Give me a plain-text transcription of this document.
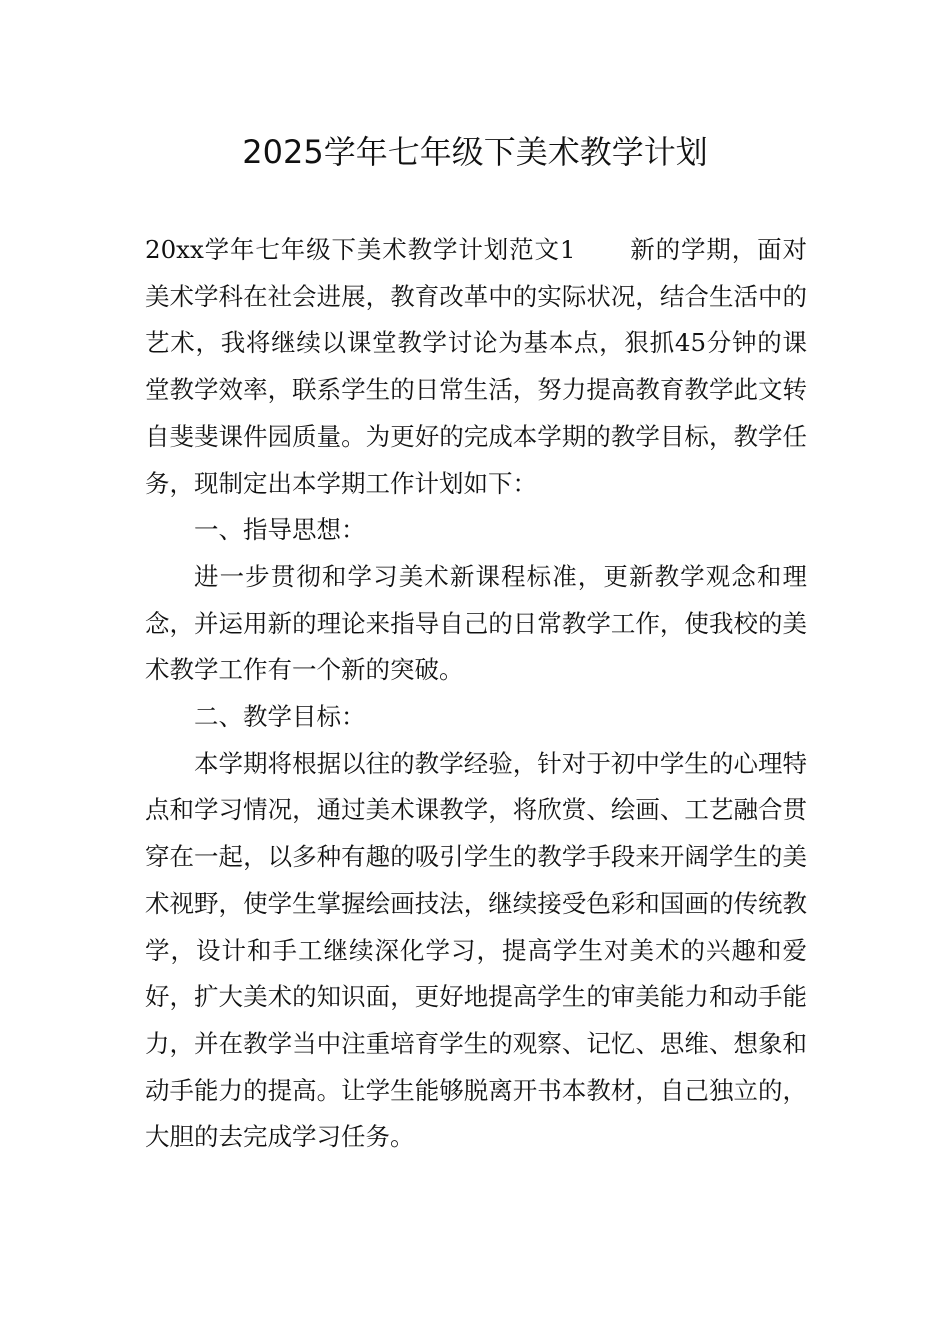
2025学年七年级下美术教学计划

20xx学年七年级下美术教学计划范文1 新的学期，面对美术学科在社会进展，教育改革中的实际状况，结合生活中的艺术，我将继续以课堂教学讨论为基本点，狠抓45分钟的课堂教学效率，联系学生的日常生活，努力提高教育教学此文转自斐斐课件园质量。为更好的完成本学期的教学目标，教学任务，现制定出本学期工作计划如下：

一、指导思想：

进一步贯彻和学习美术新课程标准，更新教学观念和理念，并运用新的理论来指导自己的日常教学工作，使我校的美术教学工作有一个新的突破。

二、教学目标：

本学期将根据以往的教学经验，针对于初中学生的心理特点和学习情况，通过美术课教学，将欣赏、绘画、工艺融合贯穿在一起，以多种有趣的吸引学生的教学手段来开阔学生的美术视野，使学生掌握绘画技法，继续接受色彩和国画的传统教学，设计和手工继续深化学习，提高学生对美术的兴趣和爱好，扩大美术的知识面，更好地提高学生的审美能力和动手能力，并在教学当中注重培育学生的观察、记忆、思维、想象和动手能力的提高。让学生能够脱离开书本教材，自己独立的，大胆的去完成学习任务。
